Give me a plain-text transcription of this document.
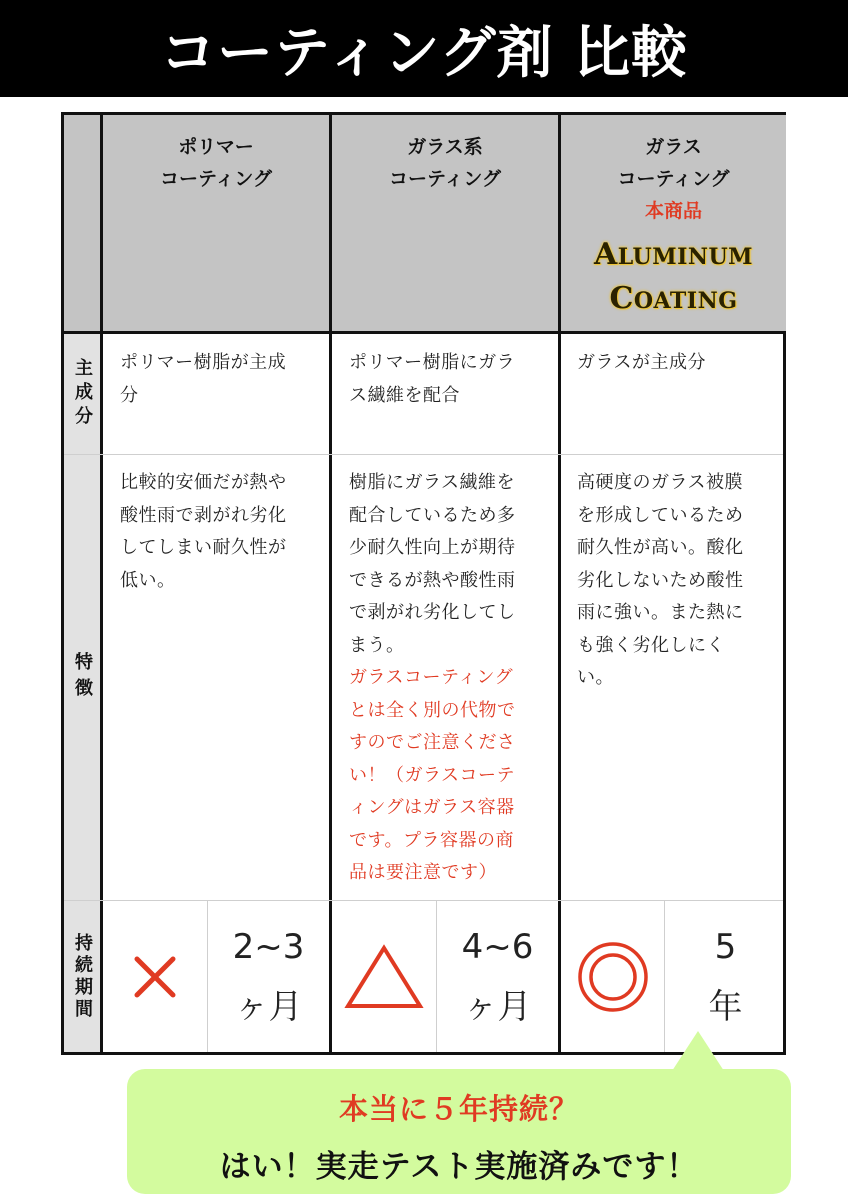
コーティング剤 比較
ポリマー
コーティング
ガラス系
コーティング
ガラス
コーティング
本商品
ALUMINUM
COATING
主成分
特徴
持続期間
ポリマー樹脂が主成
分
ポリマー樹脂にガラ
ス繊維を配合
ガラスが主成分
比較的安価だが熱や
酸性雨で剥がれ劣化
してしまい耐久性が
低い。
樹脂にガラス繊維を
配合しているため多
少耐久性向上が期待
できるが熱や酸性雨
で剥がれ劣化してし
まう。
ガラスコーティング
とは全く別の代物で
すのでご注意くださ
い！（ガラスコーテ
ィングはガラス容器
です。プラ容器の商
品は要注意です）
高硬度のガラス被膜
を形成しているため
耐久性が高い。酸化
劣化しないため酸性
雨に強い。また熱に
も強く劣化しにく
い。
2~3
ヶ月
4~6
ヶ月
5
年
本当に５年持続？
はい！実走テスト実施済みです！
